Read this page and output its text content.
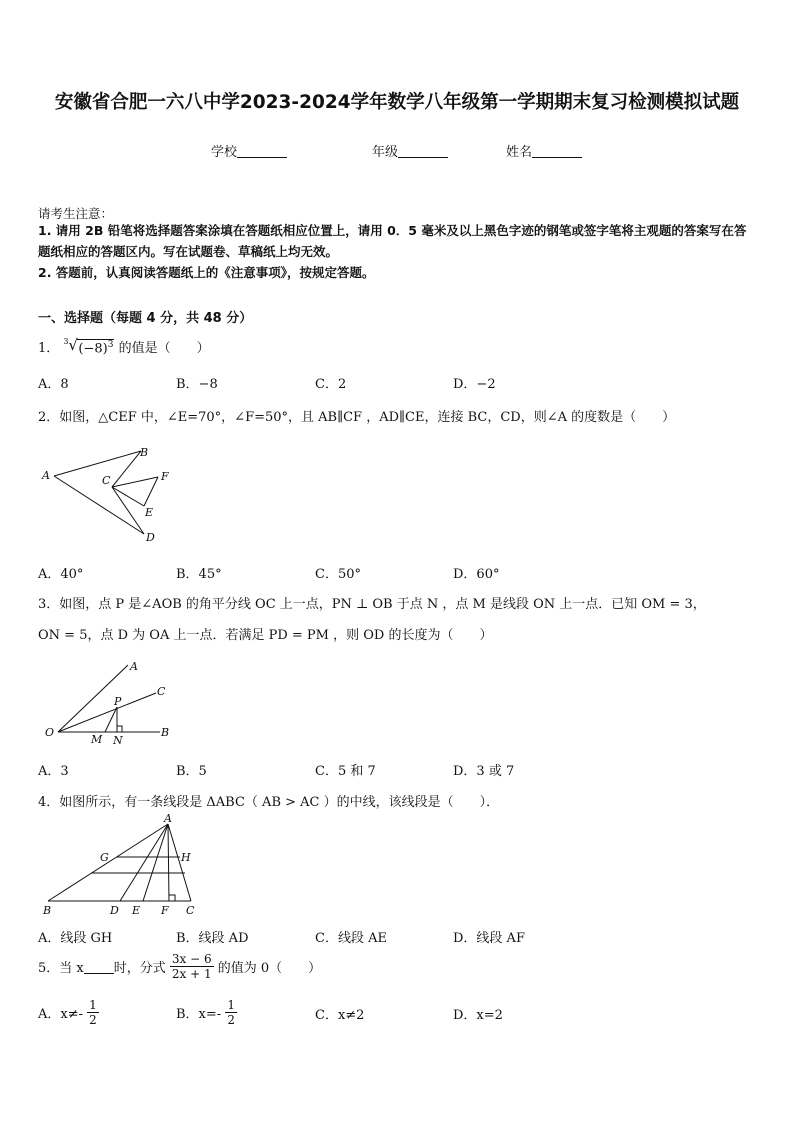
安徽省合肥一六八中学2023-2024学年数学八年级第一学期期末复习检测模拟试题
学校	年级	姓名
请考生注意：
1. 请用 2B 铅笔将选择题答案涂填在答题纸相应位置上，请用 0．5 毫米及以上黑色字迹的钢笔或签字笔将主观题的答案写在答题纸相应的答题区内。写在试题卷、草稿纸上均无效。
2. 答题前，认真阅读答题纸上的《注意事项》，按规定答题。
一、选择题（每题 4 分，共 48 分）
1． 3 √ $(-8)^3$ 的值是（　　）
A．8	B．−8	C．2	D．−2
2．如图，△CEF 中，∠E=70°，∠F=50°，且 AB∥CF ，AD∥CE，连接 BC，CD，则∠A 的度数是（　　）
A
B
C	F
E
D
A．40°	B．45°	C．50°	D．60°
3．如图，点 P 是∠AOB 的角平分线 OC 上一点，PN ⊥ OB 于点 N ，点 M 是线段 ON 上一点．已知 OM = 3，
ON = 5，点 D 为 OA 上一点．若满足 PD = PM ，则 OD 的长度为（　　）
A
C
P
O
M N
B
A．3	B．5	C．5 和 7	D．3 或 7
4．如图所示，有一条线段是 ΔABC（ AB > AC ）的中线，该线段是（　　）．
A
G	H
B	D E F C
A．线段 GH	B．线段 AD	C．线段 AE	D．线段 AF
5．当 x 时，分式 $\frac{3x - 6}{2x + 1}$ 的值为 0（　　）
A．$x\ne- \frac{1}{2}$	B．$x=- \frac{1}{2}$	C．x≠2	D．x=2
